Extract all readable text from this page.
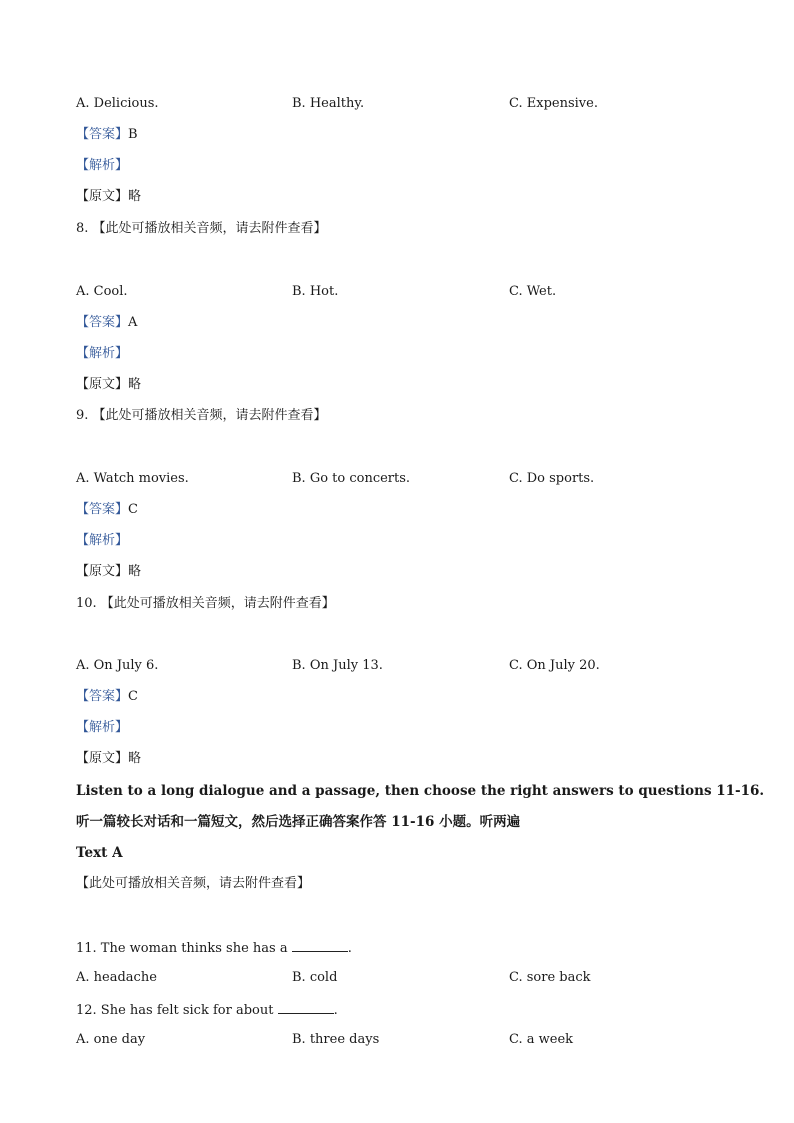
A. Delicious.	B. Healthy.	C. Expensive.
【答案】B
【解析】
【原文】略
8. 【此处可播放相关音频，请去附件查看】
A. Cool.	B. Hot.	C. Wet.
【答案】A
【解析】
【原文】略
9. 【此处可播放相关音频，请去附件查看】
A. Watch movies.	B. Go to concerts.	C. Do sports.
【答案】C
【解析】
【原文】略
10. 【此处可播放相关音频，请去附件查看】
A. On July 6.	B. On July 13.	C. On July 20.
【答案】C
【解析】
【原文】略
Listen to a long dialogue and a passage, then choose the right answers to questions 11-16.
听一篇较长对话和一篇短文，然后选择正确答案作答 11-16 小题。听两遍
Text A
【此处可播放相关音频，请去附件查看】
11. The woman thinks she has a	.
A. headache	B. cold	C. sore back
12. She has felt sick for about	.
A. one day	B. three days	C. a week
